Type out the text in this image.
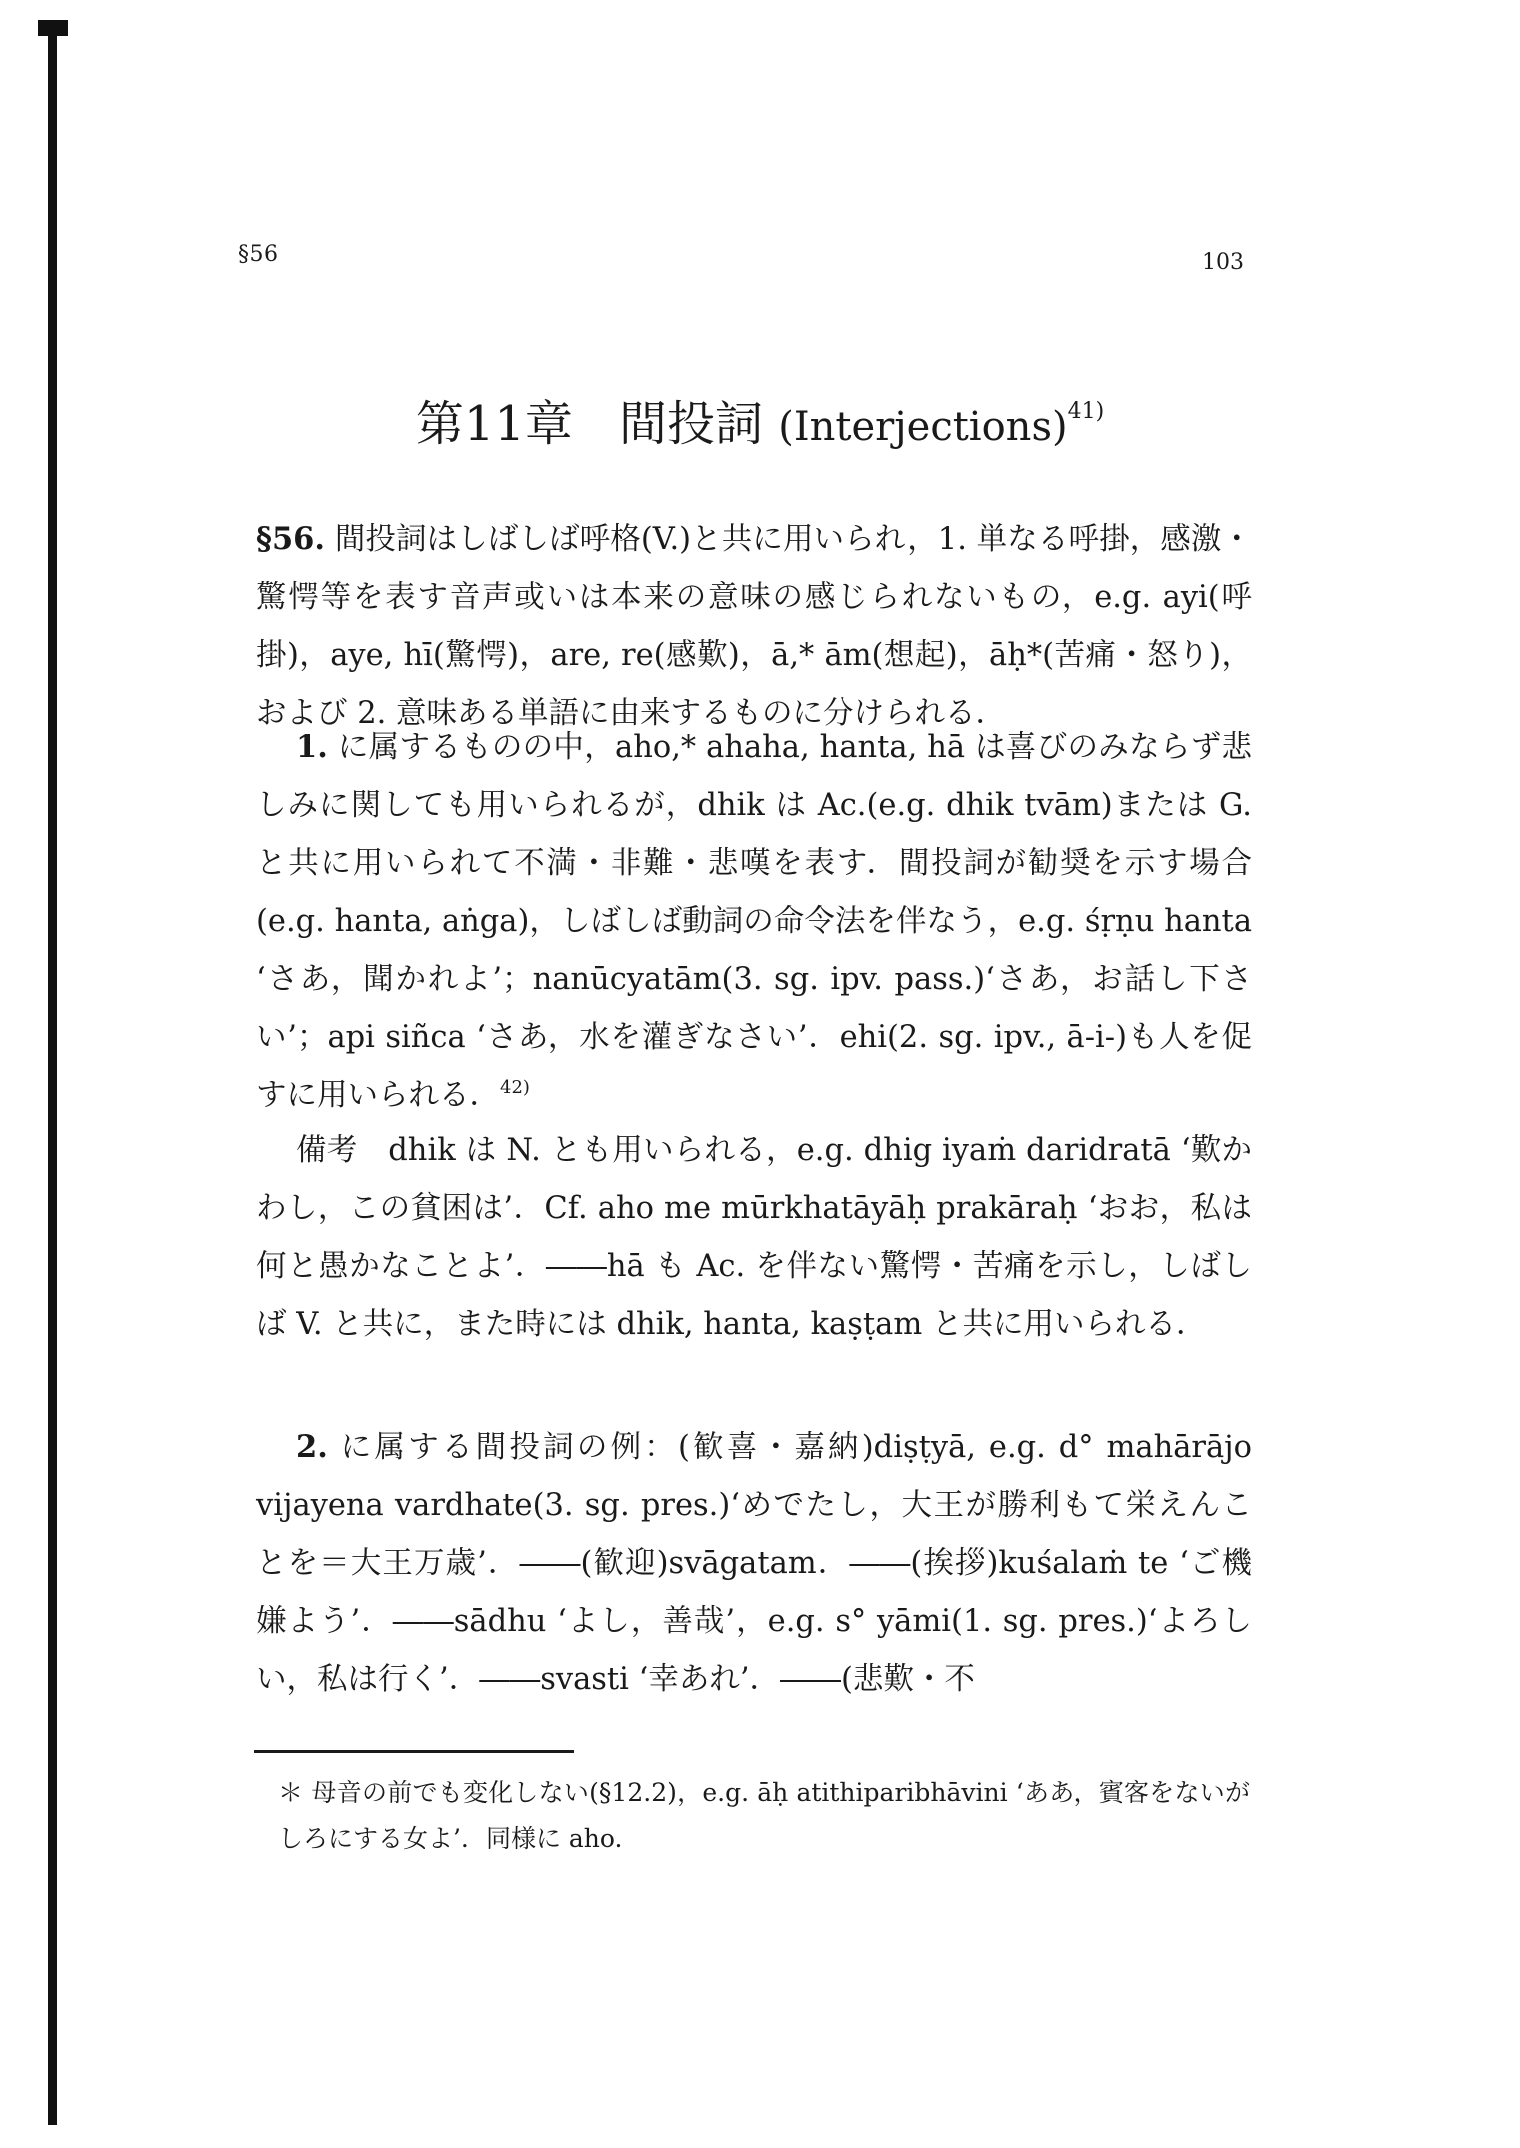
§56	103
第11章 間投詞 (Interjections)$^{41)}$

§56. 間投詞はしばしば呼格(V.)と共に用いられ，1. 単なる呼掛，感激・驚愕等を表す音声或いは本来の意味の感じられないもの，e.g. ayi(呼掛)，aye, hī(驚愕)，are, re(感歎)，ā,* ām(想起)，āḥ*(苦痛・怒り)，および 2. 意味ある単語に由来するものに分けられる．

1. に属するものの中，aho,* ahaha, hanta, hā は喜びのみならず悲しみに関しても用いられるが，dhik は Ac.(e.g. dhik tvām)または G. と共に用いられて不満・非難・悲嘆を表す．間投詞が勧奨を示す場合(e.g. hanta, aṅga)，しばしば動詞の命令法を伴なう，e.g. śṛṇu hanta ‘さあ，聞かれよ’；nanūcyatām(3. sg. ipv. pass.)‘さあ，お話し下さい’；api siñca ‘さあ，水を灌ぎなさい’．ehi(2. sg. ipv., ā-i-)も人を促すに用いられる．$^{42)}$

備考　 dhik は N. とも用いられる，e.g. dhig iyaṁ daridratā ‘歎かわし，この貧困は’．Cf. aho me mūrkhatāyāḥ prakāraḥ ‘おお，私は何と愚かなことよ’．――hā も Ac. を伴ない驚愕・苦痛を示し，しばしば V. と共に，また時には dhik, hanta, kaṣṭam と共に用いられる．

2. に属する間投詞の例：(歓喜・嘉納)diṣṭyā, e.g. d° mahārājo vijayena vardhate(3. sg. pres.)‘めでたし，大王が勝利もて栄えんことを＝大王万歳’．――(歓迎)svāgatam．――(挨拶)kuśalaṁ te ‘ご機嫌よう’．――sādhu ‘よし，善哉’，e.g. s° yāmi(1. sg. pres.)‘よろしい，私は行く’．――svasti ‘幸あれ’．――(悲歎・不

＊ 母音の前でも変化しない(§12.2)，e.g. āḥ atithiparibhāvini ‘ああ，賓客をないがしろにする女よ’．同様に aho.
